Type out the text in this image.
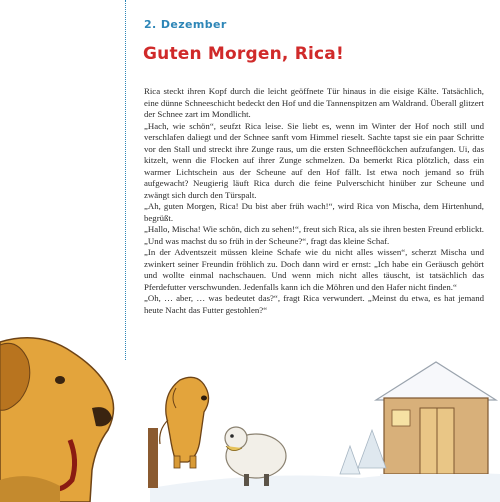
2. Dezember
Guten Morgen, Rica!

Rica steckt ihren Kopf durch die leicht geöffnete Tür hinaus in die eisige Kälte. Tatsächlich, eine dünne Schneeschicht bedeckt den Hof und die Tannenspitzen am Waldrand. Überall glitzert der Schnee zart im Mondlicht.

„Hach, wie schön“, seufzt Rica leise. Sie liebt es, wenn im Winter der Hof noch still und verschlafen daliegt und der Schnee sanft vom Himmel rieselt. Sachte tapst sie ein paar Schritte vor den Stall und streckt ihre Zunge raus, um die ersten Schneeflöckchen aufzufangen. Ui, das kitzelt, wenn die Flocken auf ihrer Zunge schmelzen. Da bemerkt Rica plötzlich, dass ein warmer Lichtschein aus der Scheune auf den Hof fällt. Ist etwa noch jemand so früh aufgewacht? Neugierig läuft Rica durch die feine Pulverschicht hinüber zur Scheune und zwängt sich durch den Türspalt.

„Ah, guten Morgen, Rica! Du bist aber früh wach!“, wird Rica von Mischa, dem Hirtenhund, begrüßt.

„Hallo, Mischa! Wie schön, dich zu sehen!“, freut sich Rica, als sie ihren besten Freund erblickt. „Und was machst du so früh in der Scheune?“, fragt das kleine Schaf.

„In der Adventszeit müssen kleine Schafe wie du nicht alles wissen“, scherzt Mischa und zwinkert seiner Freundin fröhlich zu. Doch dann wird er ernst: „Ich habe ein Geräusch gehört und wollte einmal nachschauen. Und wenn mich nicht alles täuscht, ist tatsächlich das Pferdefutter verschwunden. Jedenfalls kann ich die Möhren und den Hafer nicht finden.“

„Oh, … aber, … was bedeutet das?“, fragt Rica verwundert. „Meinst du etwa, es hat jemand heute Nacht das Futter gestohlen?“
